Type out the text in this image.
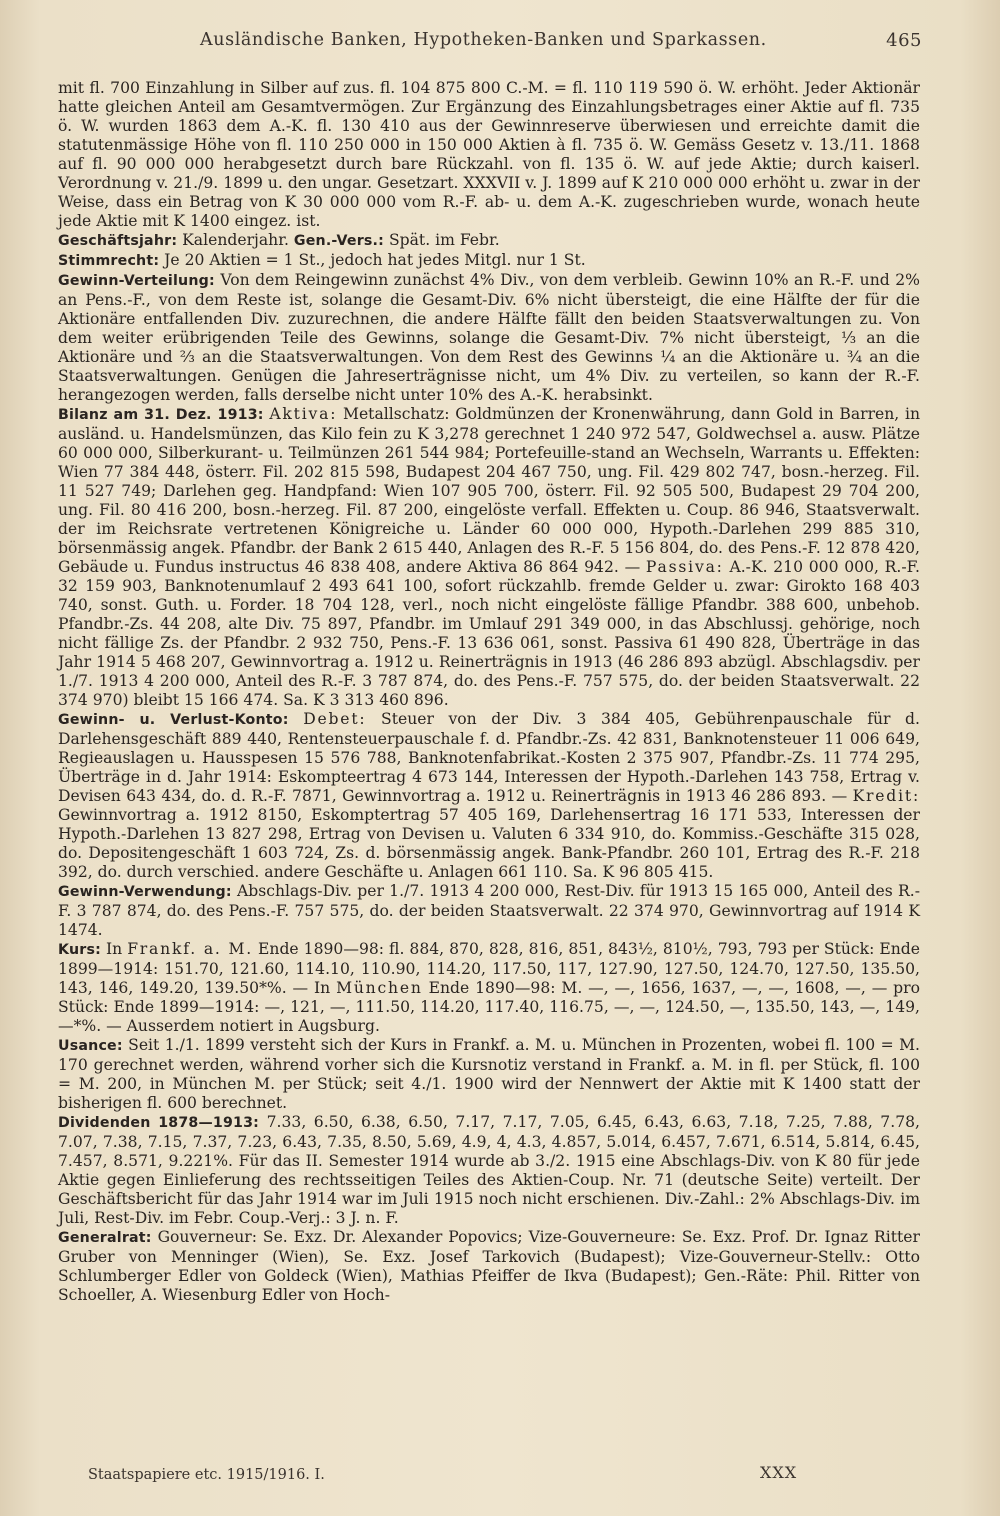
Ausländische Banken, Hypotheken-Banken und Sparkassen.	465

mit fl. 700 Einzahlung in Silber auf zus. fl. 104 875 800 C.-M. = fl. 110 119 590 ö. W. erhöht. Jeder Aktionär hatte gleichen Anteil am Gesamtvermögen. Zur Ergänzung des Einzahlungsbetrages einer Aktie auf fl. 735 ö. W. wurden 1863 dem A.-K. fl. 130 410 aus der Gewinnreserve überwiesen und erreichte damit die statutenmässige Höhe von fl. 110 250 000 in 150 000 Aktien à fl. 735 ö. W. Gemäss Gesetz v. 13./11. 1868 auf fl. 90 000 000 herabgesetzt durch bare Rückzahl. von fl. 135 ö. W. auf jede Aktie; durch kaiserl. Verordnung v. 21./9. 1899 u. den ungar. Gesetzart. XXXVII v. J. 1899 auf K 210 000 000 erhöht u. zwar in der Weise, dass ein Betrag von K 30 000 000 vom R.-F. ab- u. dem A.-K. zugeschrieben wurde, wonach heute jede Aktie mit K 1400 eingez. ist.

Geschäftsjahr: Kalenderjahr. Gen.-Vers.: Spät. im Febr.

Stimmrecht: Je 20 Aktien = 1 St., jedoch hat jedes Mitgl. nur 1 St.

Gewinn-Verteilung: Von dem Reingewinn zunächst 4% Div., von dem verbleib. Gewinn 10% an R.-F. und 2% an Pens.-F., von dem Reste ist, solange die Gesamt-Div. 6% nicht übersteigt, die eine Hälfte der für die Aktionäre entfallenden Div. zuzurechnen, die andere Hälfte fällt den beiden Staatsverwaltungen zu. Von dem weiter erübrigenden Teile des Gewinns, solange die Gesamt-Div. 7% nicht übersteigt, ⅓ an die Aktionäre und ⅔ an die Staatsverwaltungen. Von dem Rest des Gewinns ¼ an die Aktionäre u. ¾ an die Staatsverwaltungen. Genügen die Jahreserträgnisse nicht, um 4% Div. zu verteilen, so kann der R.-F. herangezogen werden, falls derselbe nicht unter 10% des A.-K. herabsinkt.

Bilanz am 31. Dez. 1913: Aktiva: Metallschatz: Goldmünzen der Kronenwährung, dann Gold in Barren, in ausländ. u. Handelsmünzen, das Kilo fein zu K 3,278 gerechnet 1 240 972 547, Goldwechsel a. ausw. Plätze 60 000 000, Silberkurant- u. Teilmünzen 261 544 984; Portefeuille-stand an Wechseln, Warrants u. Effekten: Wien 77 384 448, österr. Fil. 202 815 598, Budapest 204 467 750, ung. Fil. 429 802 747, bosn.-herzeg. Fil. 11 527 749; Darlehen geg. Handpfand: Wien 107 905 700, österr. Fil. 92 505 500, Budapest 29 704 200, ung. Fil. 80 416 200, bosn.-herzeg. Fil. 87 200, eingelöste verfall. Effekten u. Coup. 86 946, Staatsverwalt. der im Reichsrate vertretenen Königreiche u. Länder 60 000 000, Hypoth.-Darlehen 299 885 310, börsenmässig angek. Pfandbr. der Bank 2 615 440, Anlagen des R.-F. 5 156 804, do. des Pens.-F. 12 878 420, Gebäude u. Fundus instructus 46 838 408, andere Aktiva 86 864 942. — Passiva: A.-K. 210 000 000, R.-F. 32 159 903, Banknotenumlauf 2 493 641 100, sofort rückzahlb. fremde Gelder u. zwar: Girokto 168 403 740, sonst. Guth. u. Forder. 18 704 128, verl., noch nicht eingelöste fällige Pfandbr. 388 600, unbehob. Pfandbr.-Zs. 44 208, alte Div. 75 897, Pfandbr. im Umlauf 291 349 000, in das Abschlussj. gehörige, noch nicht fällige Zs. der Pfandbr. 2 932 750, Pens.-F. 13 636 061, sonst. Passiva 61 490 828, Überträge in das Jahr 1914 5 468 207, Gewinnvortrag a. 1912 u. Reinerträgnis in 1913 (46 286 893 abzügl. Abschlagsdiv. per 1./7. 1913 4 200 000, Anteil des R.-F. 3 787 874, do. des Pens.-F. 757 575, do. der beiden Staatsverwalt. 22 374 970) bleibt 15 166 474. Sa. K 3 313 460 896.

Gewinn- u. Verlust-Konto: Debet: Steuer von der Div. 3 384 405, Gebührenpauschale für d. Darlehensgeschäft 889 440, Rentensteuerpauschale f. d. Pfandbr.-Zs. 42 831, Banknotensteuer 11 006 649, Regieauslagen u. Hausspesen 15 576 788, Banknotenfabrikat.-Kosten 2 375 907, Pfandbr.-Zs. 11 774 295, Überträge in d. Jahr 1914: Eskompteertrag 4 673 144, Interessen der Hypoth.-Darlehen 143 758, Ertrag v. Devisen 643 434, do. d. R.-F. 7871, Gewinnvortrag a. 1912 u. Reinerträgnis in 1913 46 286 893. — Kredit: Gewinnvortrag a. 1912 8150, Eskomptertrag 57 405 169, Darlehensertrag 16 171 533, Interessen der Hypoth.-Darlehen 13 827 298, Ertrag von Devisen u. Valuten 6 334 910, do. Kommiss.-Geschäfte 315 028, do. Depositengeschäft 1 603 724, Zs. d. börsenmässig angek. Bank-Pfandbr. 260 101, Ertrag des R.-F. 218 392, do. durch verschied. andere Geschäfte u. Anlagen 661 110. Sa. K 96 805 415.

Gewinn-Verwendung: Abschlags-Div. per 1./7. 1913 4 200 000, Rest-Div. für 1913 15 165 000, Anteil des R.-F. 3 787 874, do. des Pens.-F. 757 575, do. der beiden Staatsverwalt. 22 374 970, Gewinnvortrag auf 1914 K 1474.

Kurs: In Frankf. a. M. Ende 1890—98: fl. 884, 870, 828, 816, 851, 843½, 810½, 793, 793 per Stück: Ende 1899—1914: 151.70, 121.60, 114.10, 110.90, 114.20, 117.50, 117, 127.90, 127.50, 124.70, 127.50, 135.50, 143, 146, 149.20, 139.50*%. — In München Ende 1890—98: M. —, —, 1656, 1637, —, —, 1608, —, — pro Stück: Ende 1899—1914: —, 121, —, 111.50, 114.20, 117.40, 116.75, —, —, 124.50, —, 135.50, 143, —, 149, —*%. — Ausserdem notiert in Augsburg.

Usance: Seit 1./1. 1899 versteht sich der Kurs in Frankf. a. M. u. München in Prozenten, wobei fl. 100 = M. 170 gerechnet werden, während vorher sich die Kursnotiz verstand in Frankf. a. M. in fl. per Stück, fl. 100 = M. 200, in München M. per Stück; seit 4./1. 1900 wird der Nennwert der Aktie mit K 1400 statt der bisherigen fl. 600 berechnet.

Dividenden 1878—1913: 7.33, 6.50, 6.38, 6.50, 7.17, 7.17, 7.05, 6.45, 6.43, 6.63, 7.18, 7.25, 7.88, 7.78, 7.07, 7.38, 7.15, 7.37, 7.23, 6.43, 7.35, 8.50, 5.69, 4.9, 4, 4.3, 4.857, 5.014, 6.457, 7.671, 6.514, 5.814, 6.45, 7.457, 8.571, 9.221%. Für das II. Semester 1914 wurde ab 3./2. 1915 eine Abschlags-Div. von K 80 für jede Aktie gegen Einlieferung des rechtsseitigen Teiles des Aktien-Coup. Nr. 71 (deutsche Seite) verteilt. Der Geschäftsbericht für das Jahr 1914 war im Juli 1915 noch nicht erschienen. Div.-Zahl.: 2% Abschlags-Div. im Juli, Rest-Div. im Febr. Coup.-Verj.: 3 J. n. F.

Generalrat: Gouverneur: Se. Exz. Dr. Alexander Popovics; Vize-Gouverneure: Se. Exz. Prof. Dr. Ignaz Ritter Gruber von Menninger (Wien), Se. Exz. Josef Tarkovich (Budapest); Vize-Gouverneur-Stellv.: Otto Schlumberger Edler von Goldeck (Wien), Mathias Pfeiffer de Ikva (Budapest); Gen.-Räte: Phil. Ritter von Schoeller, A. Wiesenburg Edler von Hoch-

Staatspapiere etc. 1915/1916. I.	XXX
